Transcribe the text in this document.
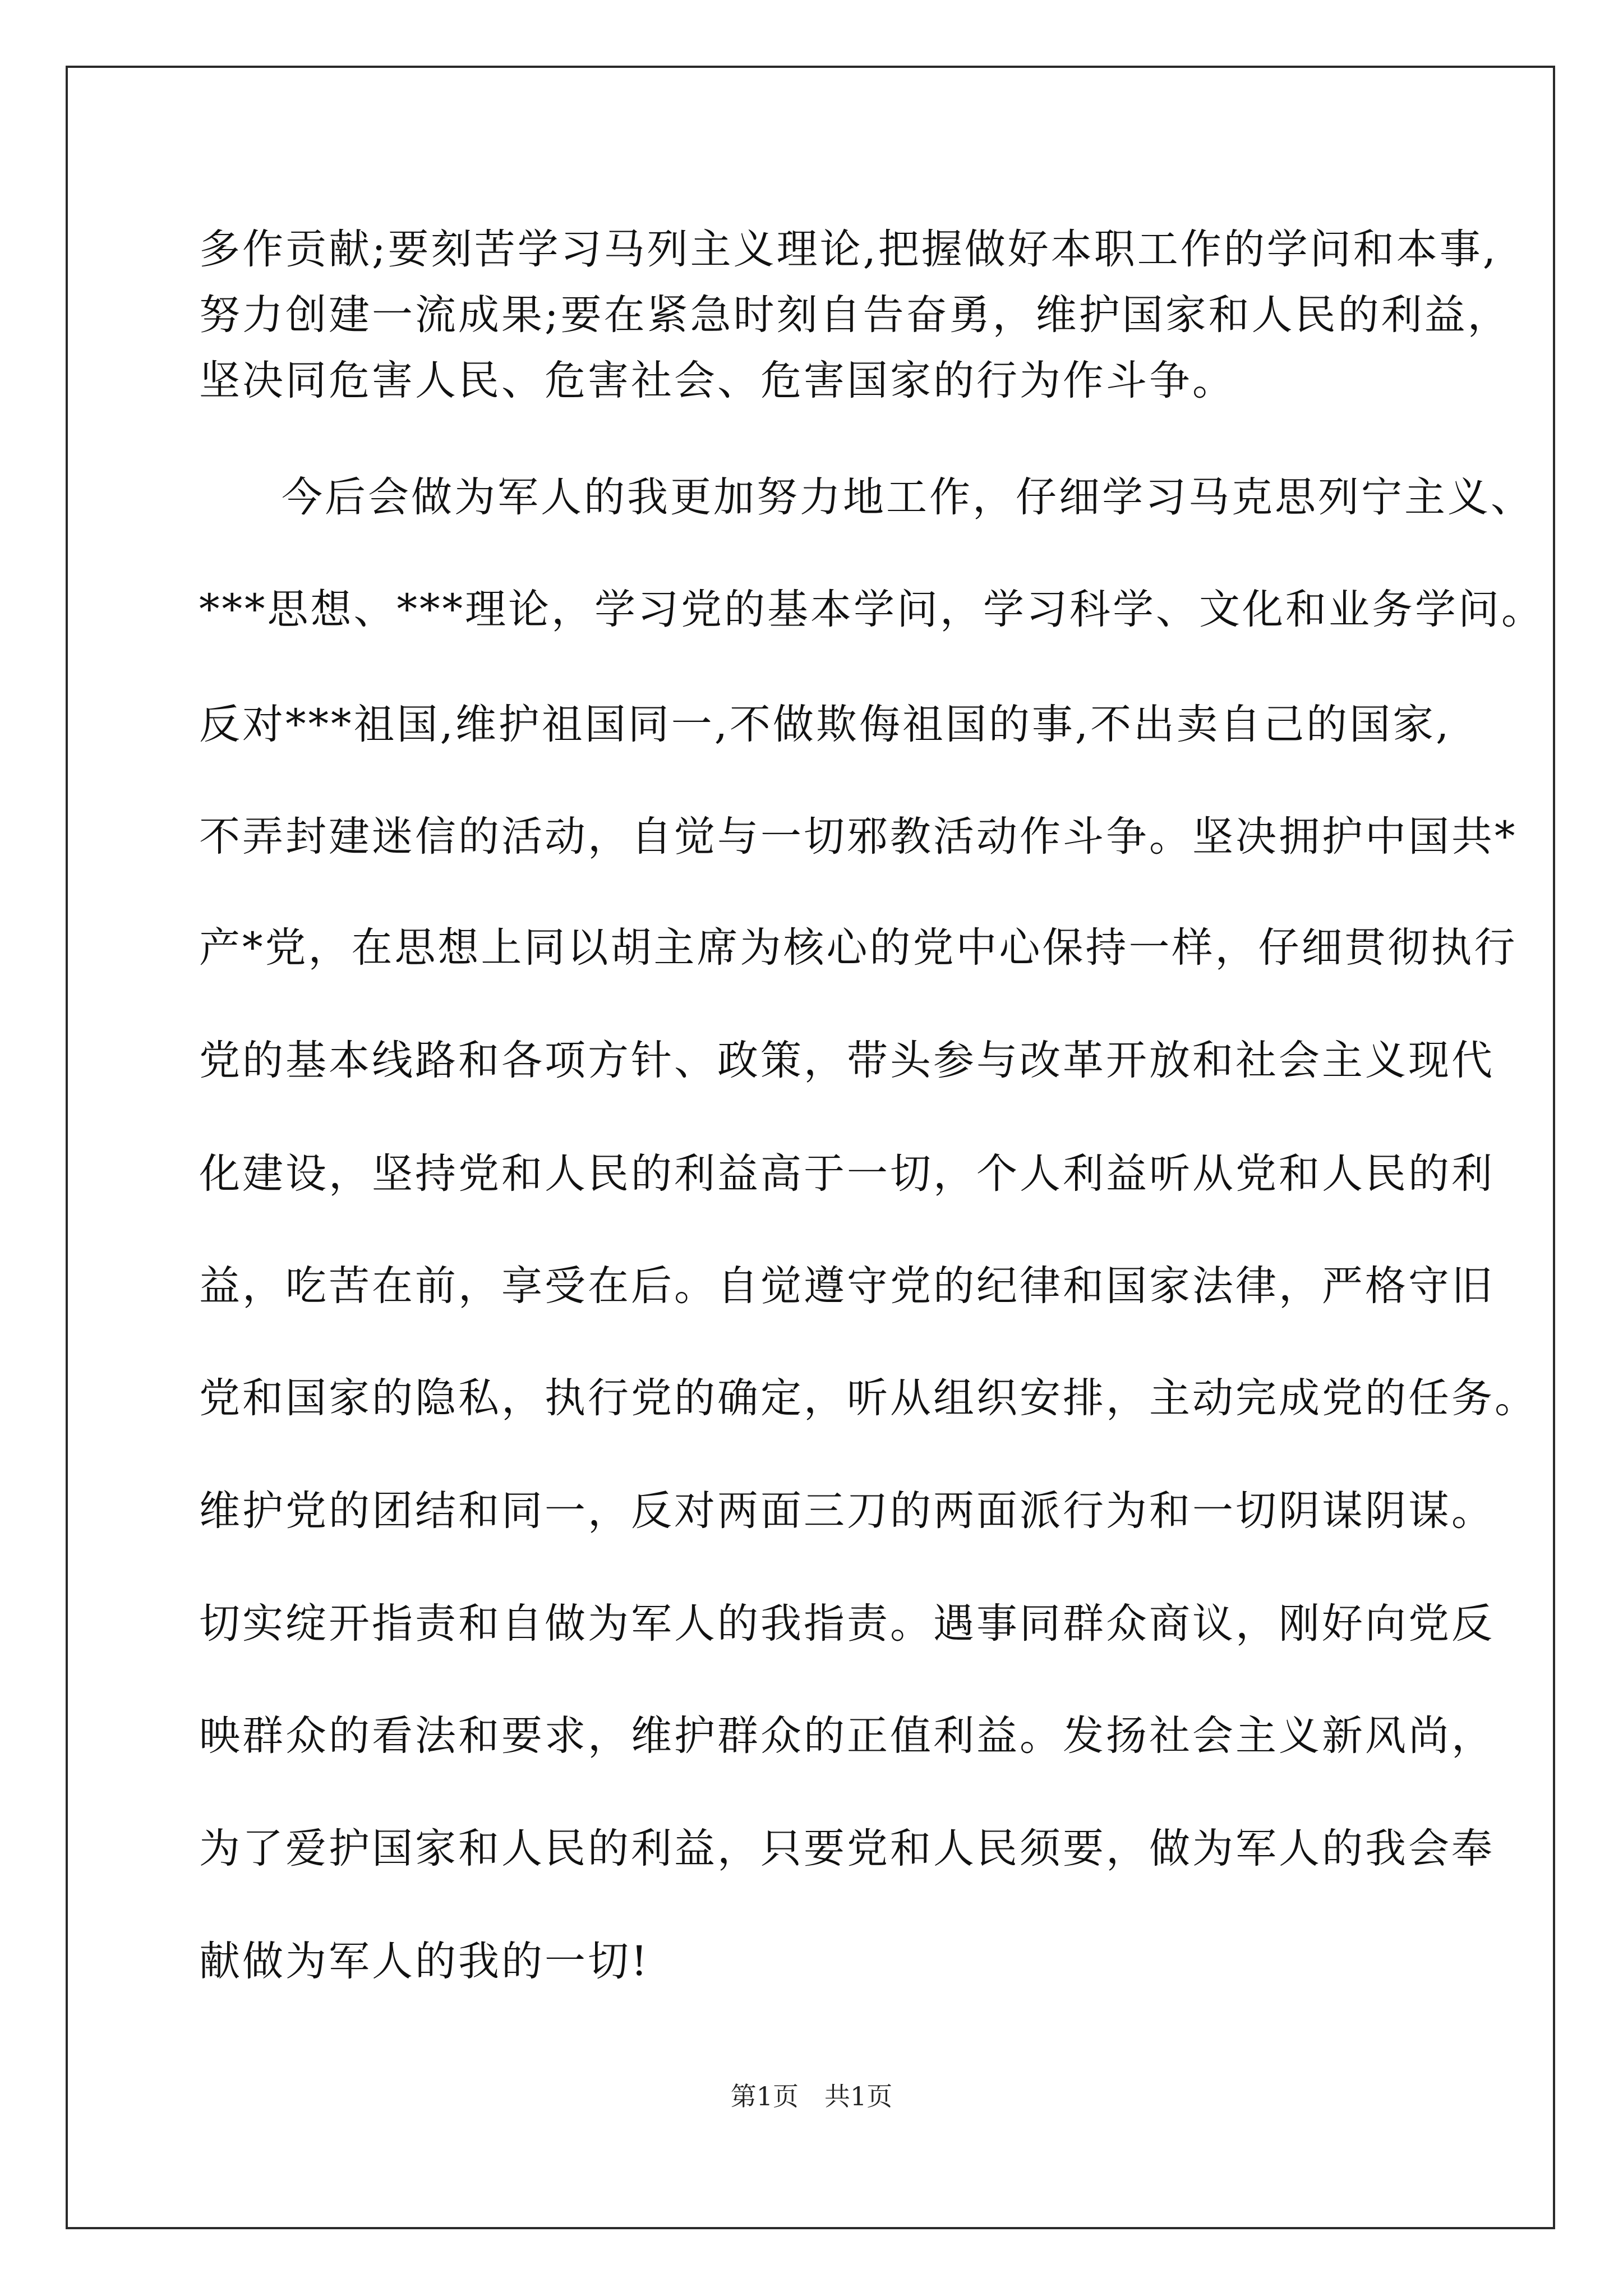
多作贡献;要刻苦学习马列主义理论,把握做好本职工作的学问和本事,
努力创建一流成果;要在紧急时刻自告奋勇，维护国家和人民的利益，
坚决同危害人民、危害社会、危害国家的行为作斗争。
今后会做为军人的我更加努力地工作，仔细学习马克思列宁主义、
***思想、***理论，学习党的基本学问，学习科学、文化和业务学问。
反对***祖国,维护祖国同一,不做欺侮祖国的事,不出卖自己的国家,
不弄封建迷信的活动，自觉与一切邪教活动作斗争。坚决拥护中国共*
产*党，在思想上同以胡主席为核心的党中心保持一样，仔细贯彻执行
党的基本线路和各项方针、政策，带头参与改革开放和社会主义现代
化建设，坚持党和人民的利益高于一切，个人利益听从党和人民的利
益，吃苦在前，享受在后。自觉遵守党的纪律和国家法律，严格守旧
党和国家的隐私，执行党的确定，听从组织安排，主动完成党的任务。
维护党的团结和同一，反对两面三刀的两面派行为和一切阴谋阴谋。
切实绽开指责和自做为军人的我指责。遇事同群众商议，刚好向党反
映群众的看法和要求，维护群众的正值利益。发扬社会主义新风尚，
为了爱护国家和人民的利益，只要党和人民须要，做为军人的我会奉
献做为军人的我的一切!
第1页　共1页
